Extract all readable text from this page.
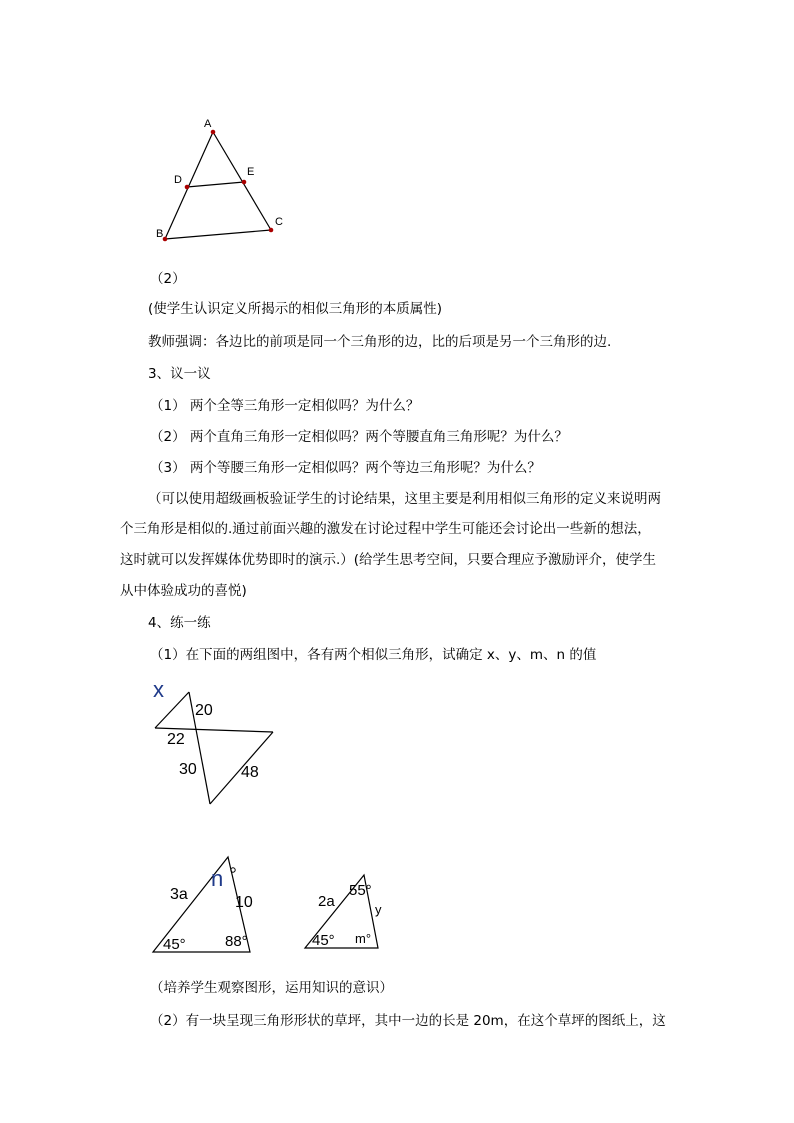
A
B
C
D
E
（2）
(使学生认识定义所揭示的相似三角形的本质属性)
教师强调：各边比的前项是同一个三角形的边，比的后项是另一个三角形的边.
3、议一议
（1） 两个全等三角形一定相似吗？为什么？
（2） 两个直角三角形一定相似吗？两个等腰直角三角形呢？为什么？
（3） 两个等腰三角形一定相似吗？两个等边三角形呢？为什么？
（可以使用超级画板验证学生的讨论结果，这里主要是利用相似三角形的定义来说明两
个三角形是相似的.通过前面兴趣的激发在讨论过程中学生可能还会讨论出一些新的想法，
这时就可以发挥媒体优势即时的演示.）(给学生思考空间，只要合理应予激励评介，使学生
从中体验成功的喜悦)
4、练一练
（1）在下面的两组图中，各有两个相似三角形，试确定 x、y、m、n 的值
x
20
22
30	48
3a
n
10
45°	88°
2a
55°
y
45° m°
（培养学生观察图形，运用知识的意识）
（2）有一块呈现三角形形状的草坪，其中一边的长是 20m，在这个草坪的图纸上，这
